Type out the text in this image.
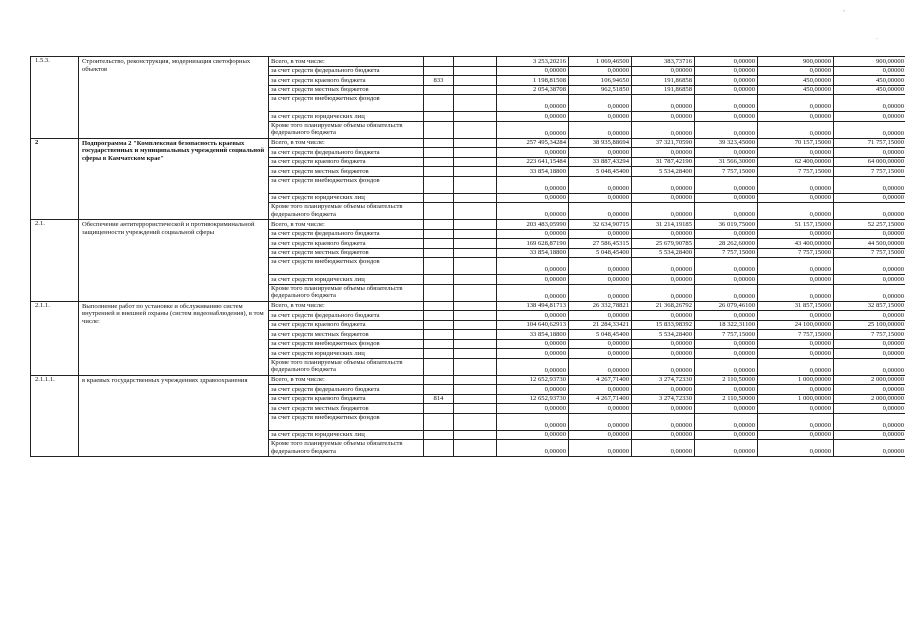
,
·
1.5.3.	Строительство, реконструкция, модернизация светофорных объектов	Всего, в том числе:			3 253,20216	1 069,46500	383,73716	0,00000	900,00000	900,00000
		за счет средств федерального бюджета			0,00000	0,00000	0,00000	0,00000	0,00000	0,00000
		за счет средств краевого бюджета	833		1 198,81508	106,94650	191,86858	0,00000	450,00000	450,00000
		за счет средств местных бюджетов			2 054,38708	962,51850	191,86858	0,00000	450,00000	450,00000
		за счет средств внебюджетных фондов			0,00000	0,00000	0,00000	0,00000	0,00000	0,00000
		за счет средств юридических лиц			0,00000	0,00000	0,00000	0,00000	0,00000	0,00000
		Кроме того планируемые объемы обязательств федерального бюджета			0,00000	0,00000	0,00000	0,00000	0,00000	0,00000
2	Подпрограмма 2 "Комплексная безопасность краевых государственных и муниципальных учреждений социальной сферы в Камчатском крае"	Всего, в том числе:			257 495,34284	38 935,88694	37 321,70590	39 323,45000	70 157,15000	71 757,15000
		за счет средств федерального бюджета			0,00000	0,00000	0,00000	0,00000	0,00000	0,00000
		за счет средств краевого бюджета			223 641,15484	33 887,43294	31 787,42190	31 566,30000	62 400,00000	64 000,00000
		за счет средств местных бюджетов			33 854,18800	5 048,45400	5 534,28400	7 757,15000	7 757,15000	7 757,15000
		за счет средств внебюджетных фондов			0,00000	0,00000	0,00000	0,00000	0,00000	0,00000
		за счет средств юридических лиц			0,00000	0,00000	0,00000	0,00000	0,00000	0,00000
		Кроме того планируемые объемы обязательств федерального бюджета			0,00000	0,00000	0,00000	0,00000	0,00000	0,00000
2.1.	Обеспечение антитеррористической и противокриминальной защищенности учреждений социальной сферы	Всего, в том числе:			203 483,05990	32 634,90715	31 214,19185	36 019,75000	51 157,15000	52 257,15000
		за счет средств федерального бюджета			0,00000	0,00000	0,00000	0,00000	0,00000	0,00000
		за счет средств краевого бюджета			169 628,87190	27 586,45315	25 679,90785	28 262,60000	43 400,00000	44 500,00000
		за счет средств местных бюджетов			33 854,18800	5 048,45400	5 534,28400	7 757,15000	7 757,15000	7 757,15000
		за счет средств внебюджетных фондов			0,00000	0,00000	0,00000	0,00000	0,00000	0,00000
		за счет средств юридических лиц			0,00000	0,00000	0,00000	0,00000	0,00000	0,00000
		Кроме того планируемые объемы обязательств федерального бюджета			0,00000	0,00000	0,00000	0,00000	0,00000	0,00000
2.1.1.	Выполнение работ по установке и обслуживанию систем внутренней и внешней охраны (систем видеонаблюдения), в том числе:	Всего, в том числе:			138 494,81713	26 332,78821	21 368,26792	26 079,46100	31 857,15000	32 857,15000
		за счет средств федерального бюджета			0,00000	0,00000	0,00000	0,00000	0,00000	0,00000
		за счет средств краевого бюджета			104 640,62913	21 284,33421	15 833,98392	18 322,31100	24 100,00000	25 100,00000
		за счет средств местных бюджетов			33 854,18800	5 048,45400	5 534,28400	7 757,15000	7 757,15000	7 757,15000
		за счет средств внебюджетных фондов			0,00000	0,00000	0,00000	0,00000	0,00000	0,00000
		за счет средств юридических лиц			0,00000	0,00000	0,00000	0,00000	0,00000	0,00000
		Кроме того планируемые объемы обязательств федерального бюджета			0,00000	0,00000	0,00000	0,00000	0,00000	0,00000
2.1.1.1.	в краевых государственных учреждениях здравоохранения	Всего, в том числе:			12 652,93730	4 267,71400	3 274,72330	2 110,50000	1 000,00000	2 000,00000
		за счет средств федерального бюджета			0,00000	0,00000	0,00000	0,00000	0,00000	0,00000
		за счет средств краевого бюджета	814		12 652,93730	4 267,71400	3 274,72330	2 110,50000	1 000,00000	2 000,00000
		за счет средств местных бюджетов			0,00000	0,00000	0,00000	0,00000	0,00000	0,00000
		за счет средств внебюджетных фондов			0,00000	0,00000	0,00000	0,00000	0,00000	0,00000
		за счет средств юридических лиц			0,00000	0,00000	0,00000	0,00000	0,00000	0,00000
		Кроме того планируемые объемы обязательств федерального бюджета			0,00000	0,00000	0,00000	0,00000	0,00000	0,00000
